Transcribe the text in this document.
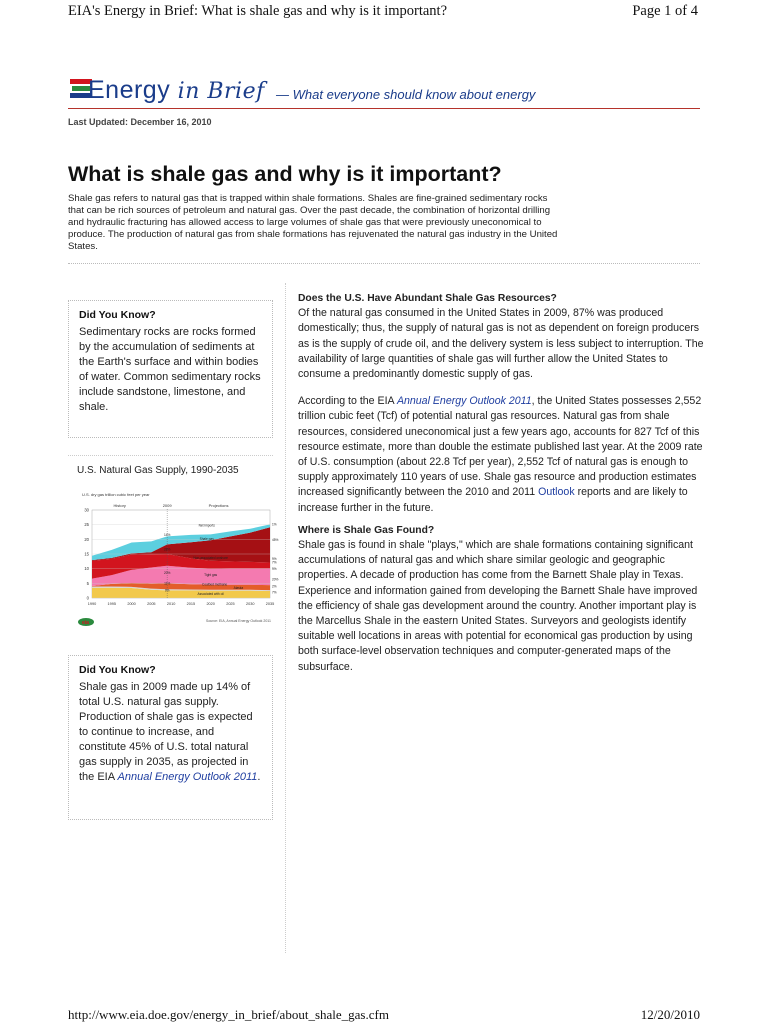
EIA's Energy in Brief: What is shale gas and why is it important?	Page 1 of 4
Energy in Brief — What everyone should know about energy
Last Updated: December 16, 2010
What is shale gas and why is it important?
Shale gas refers to natural gas that is trapped within shale formations. Shales are fine-grained sedimentary rocks that can be rich sources of petroleum and natural gas. Over the past decade, the combination of horizontal drilling and hydraulic fracturing has allowed access to large volumes of shale gas that were previously uneconomical to produce. The production of natural gas from shale formations has rejuvenated the natural gas industry in the United States.
Did You Know?

Sedimentary rocks are rocks formed by the accumulation of sediments at the Earth's surface and within bodies of water. Common sedimentary rocks include sandstone, limestone, and shale.

U.S. Natural Gas Supply, 1990-2035
U.S. dry gas trillion cubic feet per year
0
5
10
15
20
25
30
1990	1995	2000	2005	2010	2015	2020	2025	2030	2035
History	2009	Projections
1%
45%
9%
7%
9%
20%
2%
7%
Alaska
Net imports
Shale gas
Non-associated onshore
Tight gas
Coalbed methane
Associated with oil
14%
28%
20%
11%
9%
Source: EIA, Annual Energy Outlook 2011
eia
Did You Know?

Shale gas in 2009 made up 14% of total U.S. natural gas supply. Production of shale gas is expected to continue to increase, and constitute 45% of U.S. total natural gas supply in 2035, as projected in the EIA Annual Energy Outlook 2011.

Does the U.S. Have Abundant Shale Gas Resources?

Of the natural gas consumed in the United States in 2009, 87% was produced domestically; thus, the supply of natural gas is not as dependent on foreign producers as is the supply of crude oil, and the delivery system is less subject to interruption. The availability of large quantities of shale gas will further allow the United States to consume a predominantly domestic supply of gas.

According to the EIA Annual Energy Outlook 2011, the United States possesses 2,552 trillion cubic feet (Tcf) of potential natural gas resources. Natural gas from shale resources, considered uneconomical just a few years ago, accounts for 827 Tcf of this resource estimate, more than double the estimate published last year. At the 2009 rate of U.S. consumption (about 22.8 Tcf per year), 2,552 Tcf of natural gas is enough to supply approximately 110 years of use. Shale gas resource and production estimates increased significantly between the 2010 and 2011 Outlook reports and are likely to increase further in the future.

Where is Shale Gas Found?

Shale gas is found in shale "plays," which are shale formations containing significant accumulations of natural gas and which share similar geologic and geographic properties. A decade of production has come from the Barnett Shale play in Texas. Experience and information gained from developing the Barnett Shale have improved the efficiency of shale gas development around the country. Another important play is the Marcellus Shale in the eastern United States. Surveyors and geologists identify suitable well locations in areas with potential for economical gas production by using both surface-level observation techniques and computer-generated maps of the subsurface.

http://www.eia.doe.gov/energy_in_brief/about_shale_gas.cfm	12/20/2010
